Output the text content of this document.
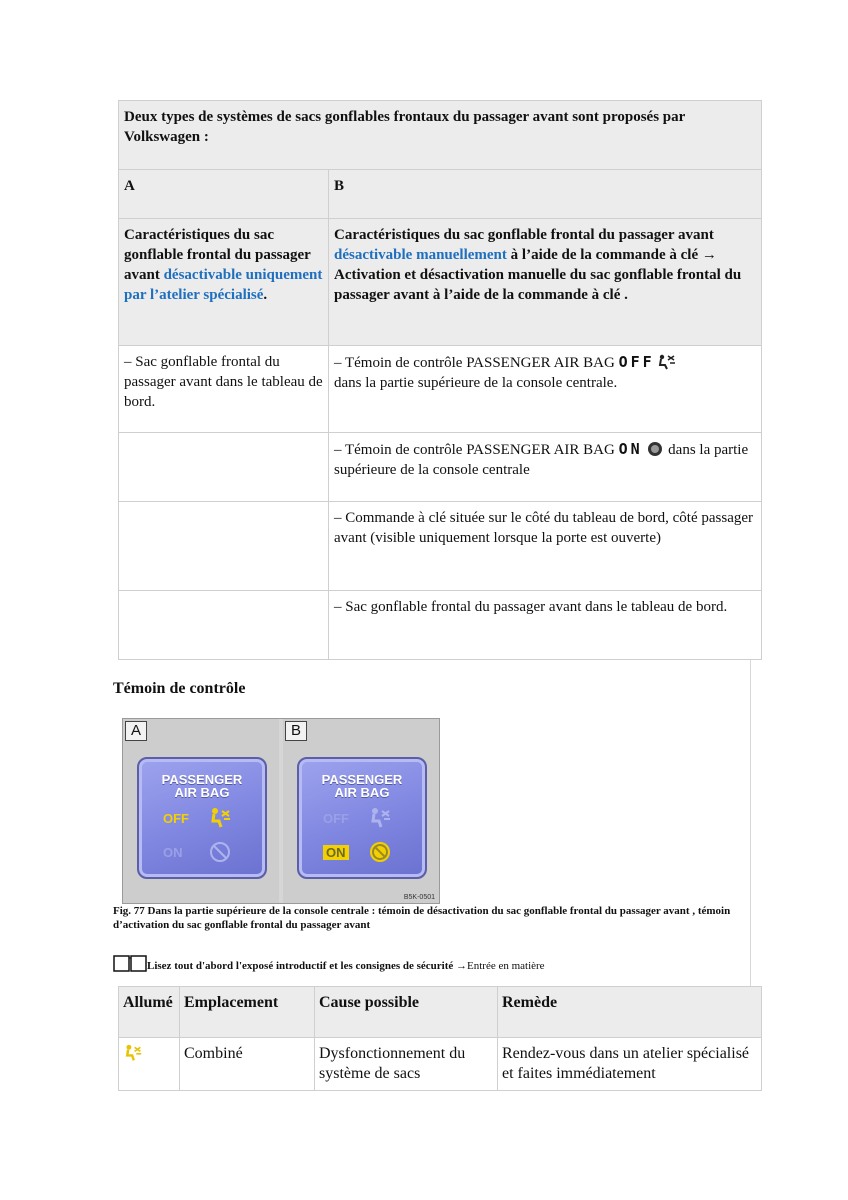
Deux types de systèmes de sacs gonflables frontaux du passager avant sont proposés par Volkswagen :	
A	B
Caractéristiques du sac gonflable frontal du passager avant désactivable uniquement par l’atelier spécialisé.	Caractéristiques du sac gonflable frontal du passager avant désactivable manuellement à l’aide de la commande à clé → Activation et désactivation manuelle du sac gonflable frontal du passager avant à l’aide de la commande à clé .
– Sac gonflable frontal du passager avant dans le tableau de bord.	– Témoin de contrôle PASSENGER AIR BAG OFF
dans la partie supérieure de la console centrale.
	– Témoin de contrôle PASSENGER AIR BAG ON  dans la partie supérieure de la console centrale
	– Commande à clé située sur le côté du tableau de bord, côté passager avant (visible uniquement lorsque la porte est ouverte)
	– Sac gonflable frontal du passager avant dans le tableau de bord.
Témoin de contrôle
A
PASSENGER
AIR BAG
OFF
ON
B
PASSENGER
AIR BAG
OFF
ON
B5K-0501
Fig. 77 Dans la partie supérieure de la console centrale : témoin de désactivation du sac gonflable frontal du passager avant , témoin d’activation du sac gonflable frontal du passager avant
Lisez tout d'abord l'exposé introductif et les consignes de sécurité →Entrée en matière
Allumé	Emplacement	Cause possible	Remède
	Combiné	Dysfonctionnement du système de sacs	Rendez-vous dans un atelier spécialisé et faites immédiatement
